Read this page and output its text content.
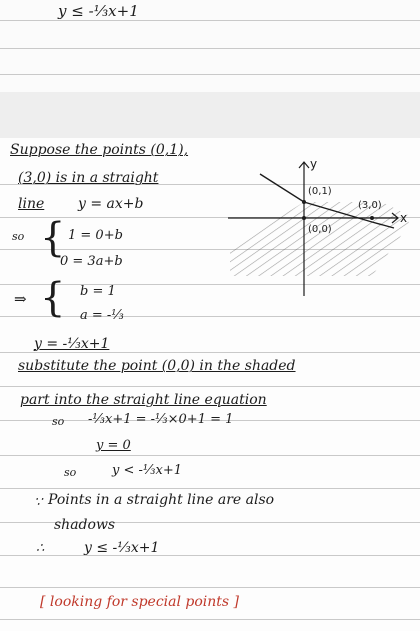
y ≤ -⅓x+1
Suppose the points (0,1),
(3,0) is in a straight
line y = ax+b
so { 1 = 0+b
0 = 3a+b
⇒ { b = 1
a = -⅓
y = -⅓x+1
substitute the point (0,0) in the shaded
part into the straight line equation
so -⅓x+1 = -⅓×0+1 = 1
y = 0
so	y < -⅓x+1
∵ Points in a straight line are also
shadows
∴	y ≤ -⅓x+1
[ looking for special points ]
x
y
(0,1)
(3,0)
(0,0)
